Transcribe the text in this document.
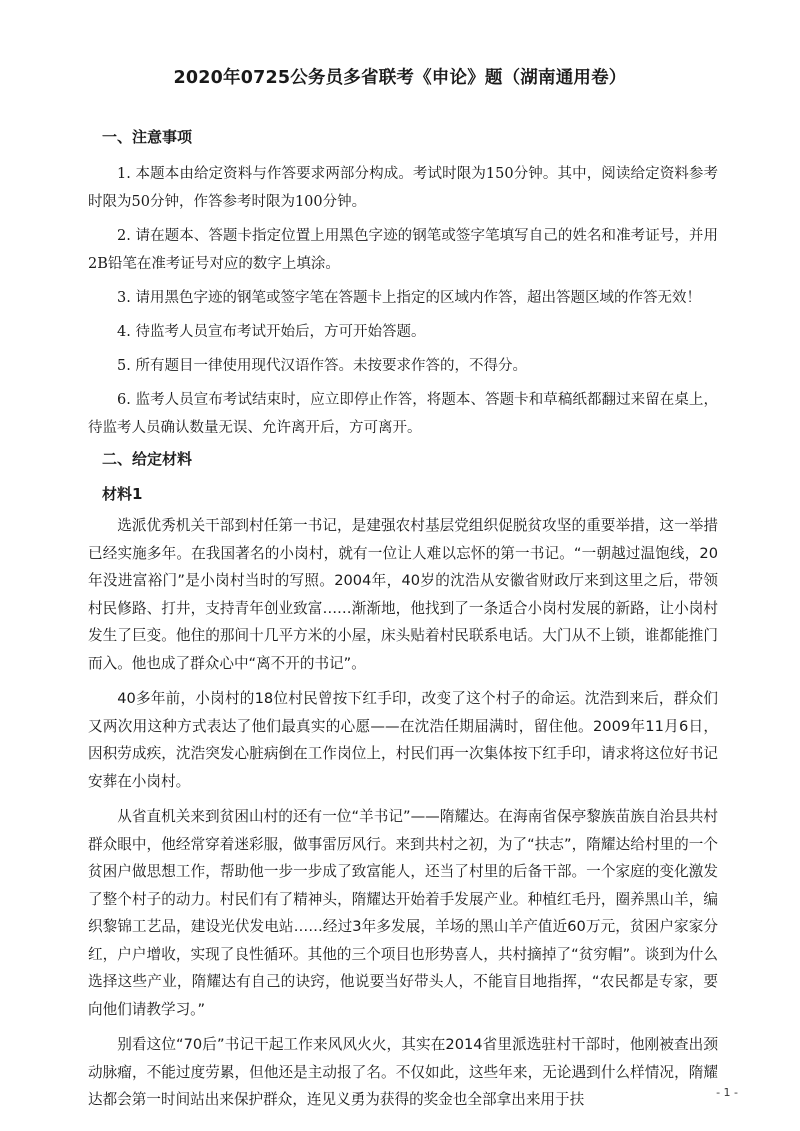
2020年0725公务员多省联考《申论》题（湖南通用卷）
一、注意事项

1. 本题本由给定资料与作答要求两部分构成。考试时限为150分钟。其中，阅读给定资料参考时限为50分钟，作答参考时限为100分钟。

2. 请在题本、答题卡指定位置上用黑色字迹的钢笔或签字笔填写自己的姓名和准考证号，并用2B铅笔在准考证号对应的数字上填涂。

3. 请用黑色字迹的钢笔或签字笔在答题卡上指定的区域内作答，超出答题区域的作答无效！

4. 待监考人员宣布考试开始后，方可开始答题。

5. 所有题目一律使用现代汉语作答。未按要求作答的，不得分。

6. 监考人员宣布考试结束时，应立即停止作答，将题本、答题卡和草稿纸都翻过来留在桌上，待监考人员确认数量无误、允许离开后，方可离开。

二、给定材料
材料1

选派优秀机关干部到村任第一书记，是建强农村基层党组织促脱贫攻坚的重要举措，这一举措已经实施多年。在我国著名的小岗村，就有一位让人难以忘怀的第一书记。“一朝越过温饱线，20年没进富裕门”是小岗村当时的写照。2004年，40岁的沈浩从安徽省财政厅来到这里之后，带领村民修路、打井，支持青年创业致富……渐渐地，他找到了一条适合小岗村发展的新路，让小岗村发生了巨变。他住的那间十几平方米的小屋，床头贴着村民联系电话。大门从不上锁，谁都能推门而入。他也成了群众心中“离不开的书记”。

40多年前，小岗村的18位村民曾按下红手印，改变了这个村子的命运。沈浩到来后，群众们又两次用这种方式表达了他们最真实的心愿——在沈浩任期届满时，留住他。2009年11月6日，因积劳成疾，沈浩突发心脏病倒在工作岗位上，村民们再一次集体按下红手印，请求将这位好书记安葬在小岗村。

从省直机关来到贫困山村的还有一位“羊书记”——隋耀达。在海南省保亭黎族苗族自治县共村群众眼中，他经常穿着迷彩服，做事雷厉风行。来到共村之初，为了“扶志”，隋耀达给村里的一个贫困户做思想工作，帮助他一步一步成了致富能人，还当了村里的后备干部。一个家庭的变化激发了整个村子的动力。村民们有了精神头，隋耀达开始着手发展产业。种植红毛丹，圈养黑山羊，编织黎锦工艺品，建设光伏发电站……经过3年多发展，羊场的黑山羊产值近60万元，贫困户家家分红，户户增收，实现了良性循环。其他的三个项目也形势喜人，共村摘掉了“贫穷帽”。谈到为什么选择这些产业，隋耀达有自己的诀窍，他说要当好带头人，不能盲目地指挥，“农民都是专家，要向他们请教学习。”

别看这位“70后”书记干起工作来风风火火，其实在2014省里派选驻村干部时，他刚被查出颈动脉瘤，不能过度劳累，但他还是主动报了名。不仅如此，这些年来，无论遇到什么样情况，隋耀达都会第一时间站出来保护群众，连见义勇为获得的奖金也全部拿出来用于扶	- 1 -
